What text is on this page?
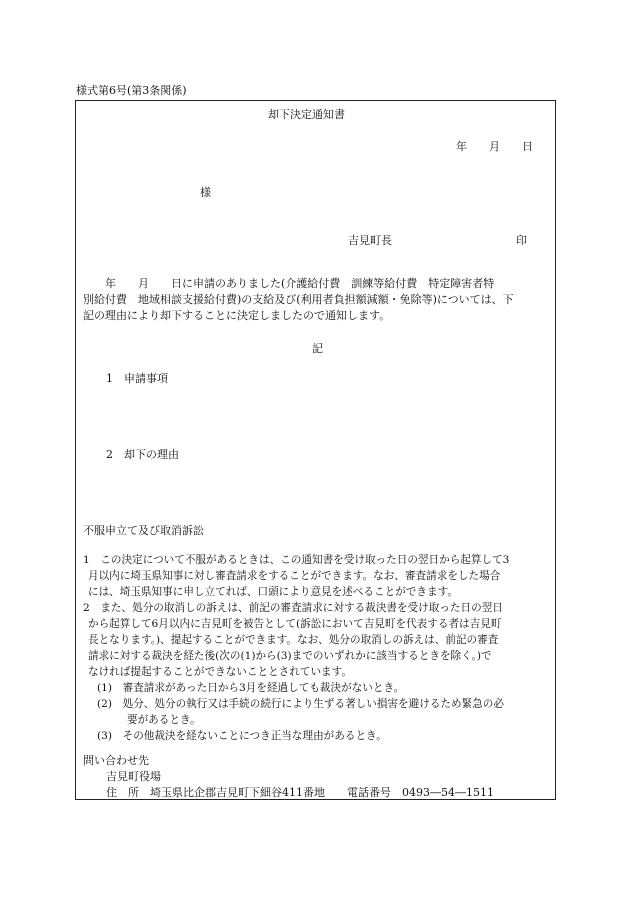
様式第6号(第3条関係)
却下決定通知書
年　　月　　日
様
吉見町長	印
　　年　　月　　日に申請のありました(介護給付費　訓練等給付費　特定障害者特
別給付費　地域相談支援給付費)の支給及び(利用者負担額減額・免除等)については、下
記の理由により却下することに決定しましたので通知します。
記
1　申請事項
2　却下の理由
不服申立て及び取消訴訟
1　この決定について不服があるときは、この通知書を受け取った日の翌日から起算して3
月以内に埼玉県知事に対し審査請求をすることができます。なお、審査請求をした場合
には、埼玉県知事に申し立てれば、口頭により意見を述べることができます。
2　また、処分の取消しの訴えは、前記の審査請求に対する裁決書を受け取った日の翌日
から起算して6月以内に吉見町を被告として(訴訟において吉見町を代表する者は吉見町
長となります。)、提起することができます。なお、処分の取消しの訴えは、前記の審査
請求に対する裁決を経た後(次の(1)から(3)までのいずれかに該当するときを除く。)で
なければ提起することができないこととされています。
(1)　審査請求があった日から3月を経過しても裁決がないとき。
(2)　処分、処分の執行又は手続の続行により生ずる著しい損害を避けるため緊急の必
要があるとき。
(3)　その他裁決を経ないことにつき正当な理由があるとき。
問い合わせ先
吉見町役場
住　所　埼玉県比企郡吉見町下細谷411番地　　電話番号　0493―54―1511
